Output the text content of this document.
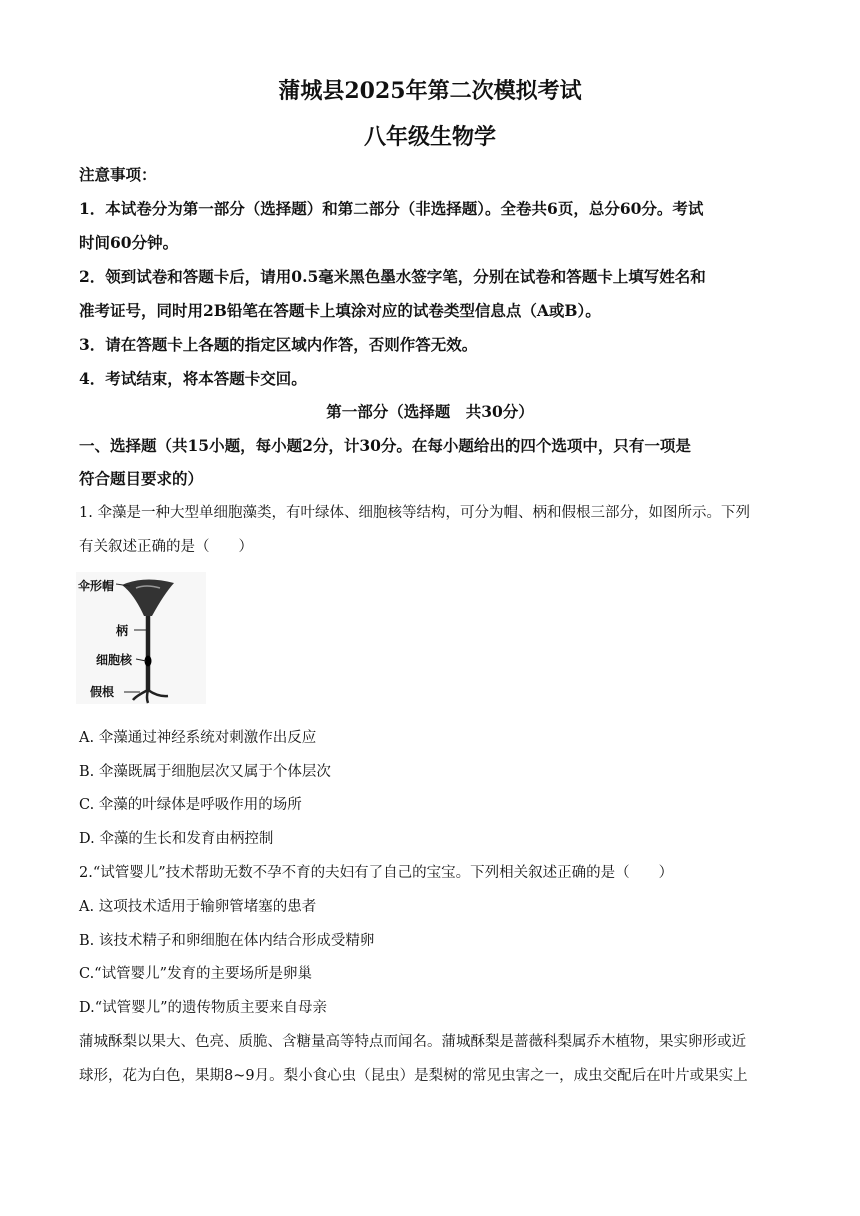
蒲城县2025年第二次模拟考试
八年级生物学
注意事项：
1．本试卷分为第一部分（选择题）和第二部分（非选择题）。全卷共6页，总分60分。考试
时间60分钟。
2．领到试卷和答题卡后，请用0.5毫米黑色墨水签字笔，分别在试卷和答题卡上填写姓名和
准考证号，同时用2B铅笔在答题卡上填涂对应的试卷类型信息点（A或B）。
3．请在答题卡上各题的指定区域内作答，否则作答无效。
4．考试结束，将本答题卡交回。
第一部分（选择题　共30分）
一、选择题（共15小题，每小题2分，计30分。在每小题给出的四个选项中，只有一项是
符合题目要求的）
1. 伞藻是一种大型单细胞藻类，有叶绿体、细胞核等结构，可分为帽、柄和假根三部分，如图所示。下列
有关叙述正确的是（　　）
伞形帽
柄
细胞核
假根
A. 伞藻通过神经系统对刺激作出反应
B. 伞藻既属于细胞层次又属于个体层次
C. 伞藻的叶绿体是呼吸作用的场所
D. 伞藻的生长和发育由柄控制
2.“试管婴儿”技术帮助无数不孕不育的夫妇有了自己的宝宝。下列相关叙述正确的是（　　）
A. 这项技术适用于输卵管堵塞的患者
B. 该技术精子和卵细胞在体内结合形成受精卵
C.“试管婴儿”发育的主要场所是卵巢
D.“试管婴儿”的遗传物质主要来自母亲
蒲城酥梨以果大、色亮、质脆、含糖量高等特点而闻名。蒲城酥梨是蔷薇科梨属乔木植物，果实卵形或近
球形，花为白色，果期8~9月。梨小食心虫（昆虫）是梨树的常见虫害之一，成虫交配后在叶片或果实上
